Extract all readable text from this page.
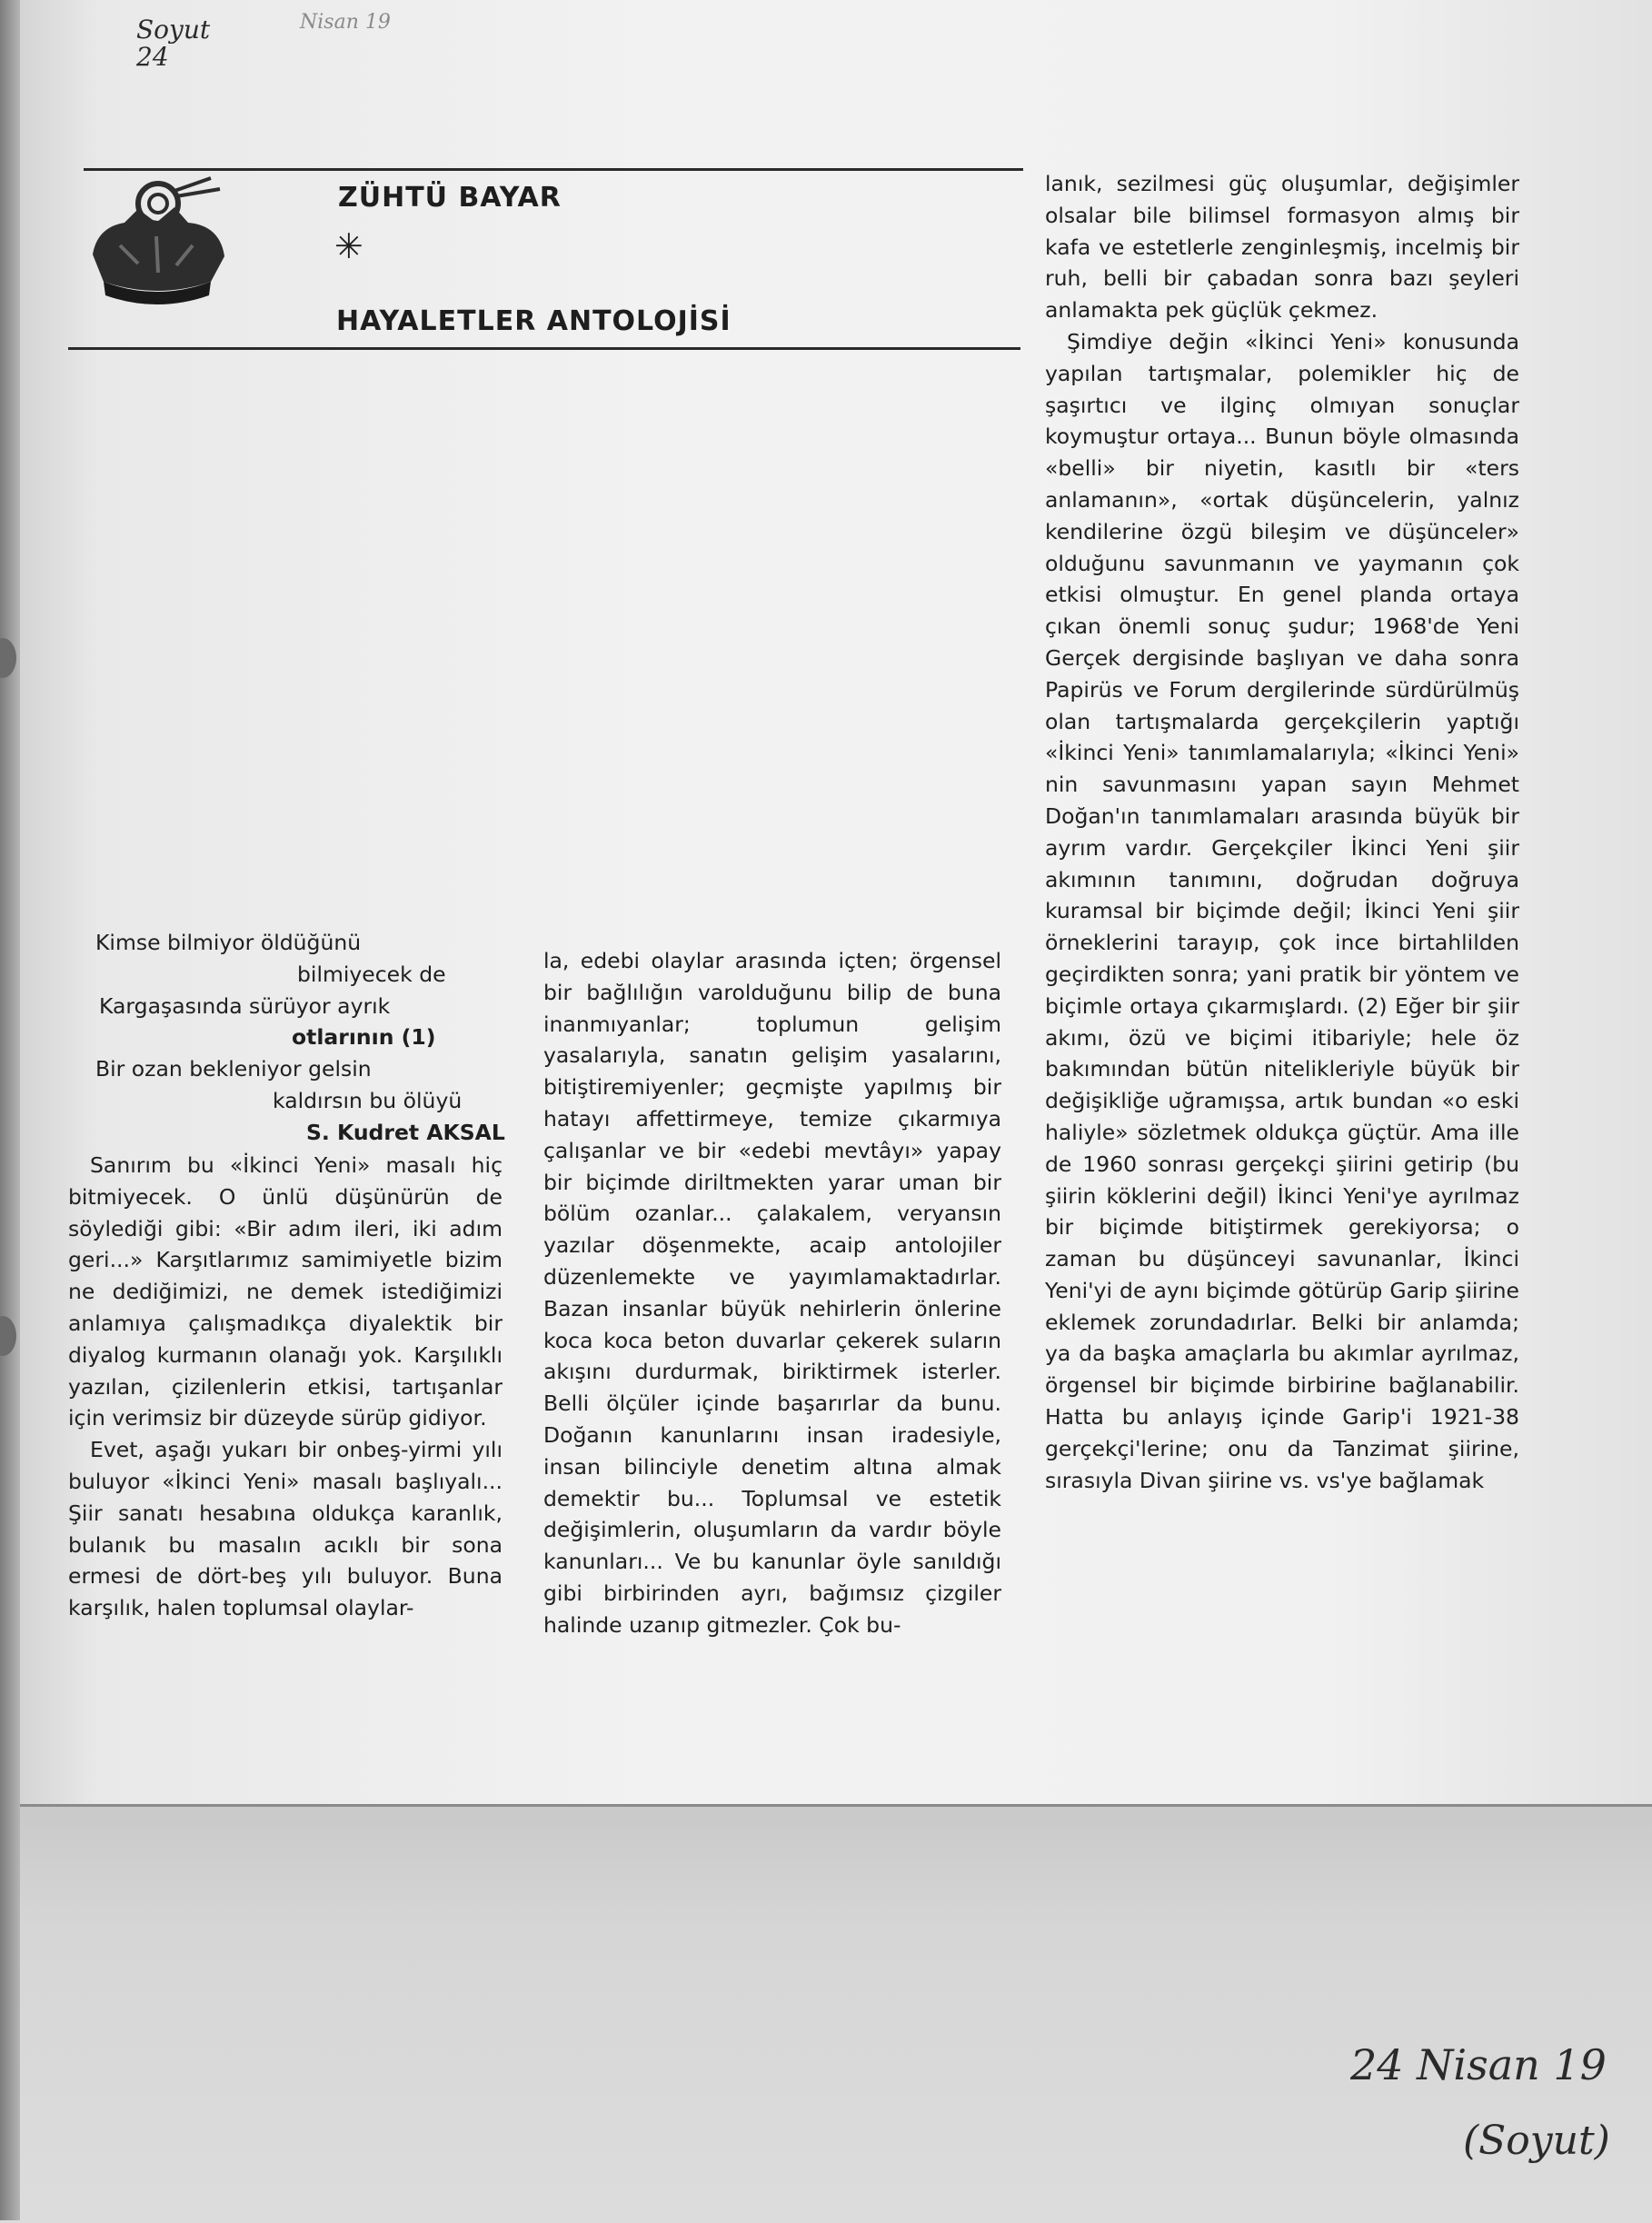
Soyut
24
Nisan 19
24 Nisan 19
(Soyut)
ZÜHTÜ BAYAR
✳
HAYALETLER ANTOLOJİSİ
Kimse bilmiyor öldüğünü
bilmiyecek de
Kargaşasında sürüyor ayrık
otlarının (1)
Bir ozan bekleniyor gelsin
kaldırsın bu ölüyü
S. Kudret AKSAL

Sanırım bu «İkinci Yeni» masalı hiç bitmiyecek. O ünlü düşünürün de söylediği gibi: «Bir adım ileri, iki adım geri...» Karşıtlarımız samimiyetle bizim ne dediğimizi, ne demek istediğimizi anlamıya çalışmadıkça diyalektik bir diyalog kurmanın olanağı yok. Karşılıklı yazılan, çizilenlerin etkisi, tartışanlar için verimsiz bir düzeyde sürüp gidiyor.

Evet, aşağı yukarı bir onbeş-yirmi yılı buluyor «İkinci Yeni» masalı başlıyalı... Şiir sanatı hesabına oldukça karanlık, bulanık bu masalın acıklı bir sona ermesi de dört-beş yılı buluyor. Buna karşılık, halen toplumsal olaylar-

la, edebi olaylar arasında içten; örgensel bir bağlılığın varolduğunu bilip de buna inanmıyanlar; toplumun gelişim yasalarıyla, sanatın gelişim yasalarını, bitiştiremiyenler; geçmişte yapılmış bir hatayı affettirmeye, temize çıkarmıya çalışanlar ve bir «edebi mevtâyı» yapay bir biçimde diriltmekten yarar uman bir bölüm ozanlar... çalakalem, veryansın yazılar döşenmekte, acaip antolojiler düzenlemekte ve yayımlamaktadırlar. Bazan insanlar büyük nehirlerin önlerine koca koca beton duvarlar çekerek suların akışını durdurmak, biriktirmek isterler. Belli ölçüler içinde başarırlar da bunu. Doğanın kanunlarını insan iradesiyle, insan bilinciyle denetim altına almak demektir bu... Toplumsal ve estetik değişimlerin, oluşumların da vardır böyle kanunları... Ve bu kanunlar öyle sanıldığı gibi birbirinden ayrı, bağımsız çizgiler halinde uzanıp gitmezler. Çok bu-

lanık, sezilmesi güç oluşumlar, değişimler olsalar bile bilimsel formasyon almış bir kafa ve estetlerle zenginleşmiş, incelmiş bir ruh, belli bir çabadan sonra bazı şeyleri anlamakta pek güçlük çekmez.

Şimdiye değin «İkinci Yeni» konusunda yapılan tartışmalar, polemikler hiç de şaşırtıcı ve ilginç olmıyan sonuçlar koymuştur ortaya... Bunun böyle olmasında «belli» bir niyetin, kasıtlı bir «ters anlamanın», «ortak düşüncelerin, yalnız kendilerine özgü bileşim ve düşünceler» olduğunu savunmanın ve yaymanın çok etkisi olmuştur. En genel planda ortaya çıkan önemli sonuç şudur; 1968'de Yeni Gerçek dergisinde başlıyan ve daha sonra Papirüs ve Forum dergilerinde sürdürülmüş olan tartışmalarda gerçekçilerin yaptığı «İkinci Yeni» tanımlamalarıyla; «İkinci Yeni» nin savunmasını yapan sayın Mehmet Doğan'ın tanımlamaları arasında büyük bir ayrım vardır. Gerçekçiler İkinci Yeni şiir akımının tanımını, doğrudan doğruya kuramsal bir biçimde değil; İkinci Yeni şiir örneklerini tarayıp, çok ince birtahlilden geçirdikten sonra; yani pratik bir yöntem ve biçimle ortaya çıkarmışlardı. (2) Eğer bir şiir akımı, özü ve biçimi itibariyle; hele öz bakımından bütün nitelikleriyle büyük bir değişikliğe uğramışsa, artık bundan «o eski haliyle» sözletmek oldukça güçtür. Ama ille de 1960 sonrası gerçekçi şiirini getirip (bu şiirin köklerini değil) İkinci Yeni'ye ayrılmaz bir biçimde bitiştirmek gerekiyorsa; o zaman bu düşünceyi savunanlar, İkinci Yeni'yi de aynı biçimde götürüp Garip şiirine eklemek zorundadırlar. Belki bir anlamda; ya da başka amaçlarla bu akımlar ayrılmaz, örgensel bir biçimde birbirine bağlanabilir. Hatta bu anlayış içinde Garip'i 1921-38 gerçekçi'lerine; onu da Tanzimat şiirine, sırasıyla Divan şiirine vs. vs'ye bağlamak
